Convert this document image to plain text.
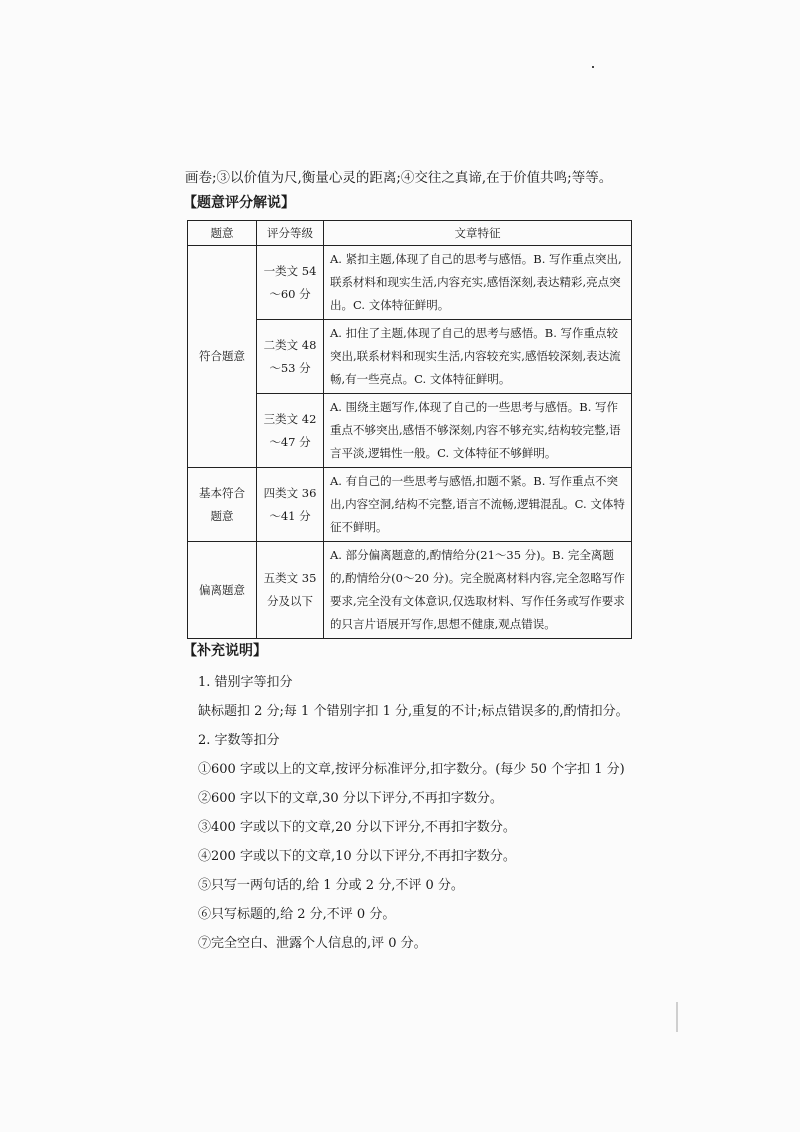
画卷;③以价值为尺,衡量心灵的距离;④交往之真谛,在于价值共鸣;等等。
【题意评分解说】
题意	评分等级	文章特征
符合题意	一类文 54～60 分	A. 紧扣主题,体现了自己的思考与感悟。B. 写作重点突出,联系材料和现实生活,内容充实,感悟深刻,表达精彩,亮点突出。C. 文体特征鲜明。
	二类文 48～53 分	A. 扣住了主题,体现了自己的思考与感悟。B. 写作重点较突出,联系材料和现实生活,内容较充实,感悟较深刻,表达流畅,有一些亮点。C. 文体特征鲜明。
	三类文 42～47 分	A. 围绕主题写作,体现了自己的一些思考与感悟。B. 写作重点不够突出,感悟不够深刻,内容不够充实,结构较完整,语言平淡,逻辑性一般。C. 文体特征不够鲜明。
基本符合题意	四类文 36～41 分	A. 有自己的一些思考与感悟,扣题不紧。B. 写作重点不突出,内容空洞,结构不完整,语言不流畅,逻辑混乱。C. 文体特征不鲜明。
偏离题意	五类文 35 分及以下	A. 部分偏离题意的,酌情给分(21～35 分)。B. 完全离题的,酌情给分(0～20 分)。完全脱离材料内容,完全忽略写作要求,完全没有文体意识,仅选取材料、写作任务或写作要求的只言片语展开写作,思想不健康,观点错误。
【补充说明】
1. 错别字等扣分
缺标题扣 2 分;每 1 个错别字扣 1 分,重复的不计;标点错误多的,酌情扣分。
2. 字数等扣分
①600 字或以上的文章,按评分标准评分,扣字数分。(每少 50 个字扣 1 分)
②600 字以下的文章,30 分以下评分,不再扣字数分。
③400 字或以下的文章,20 分以下评分,不再扣字数分。
④200 字或以下的文章,10 分以下评分,不再扣字数分。
⑤只写一两句话的,给 1 分或 2 分,不评 0 分。
⑥只写标题的,给 2 分,不评 0 分。
⑦完全空白、泄露个人信息的,评 0 分。
